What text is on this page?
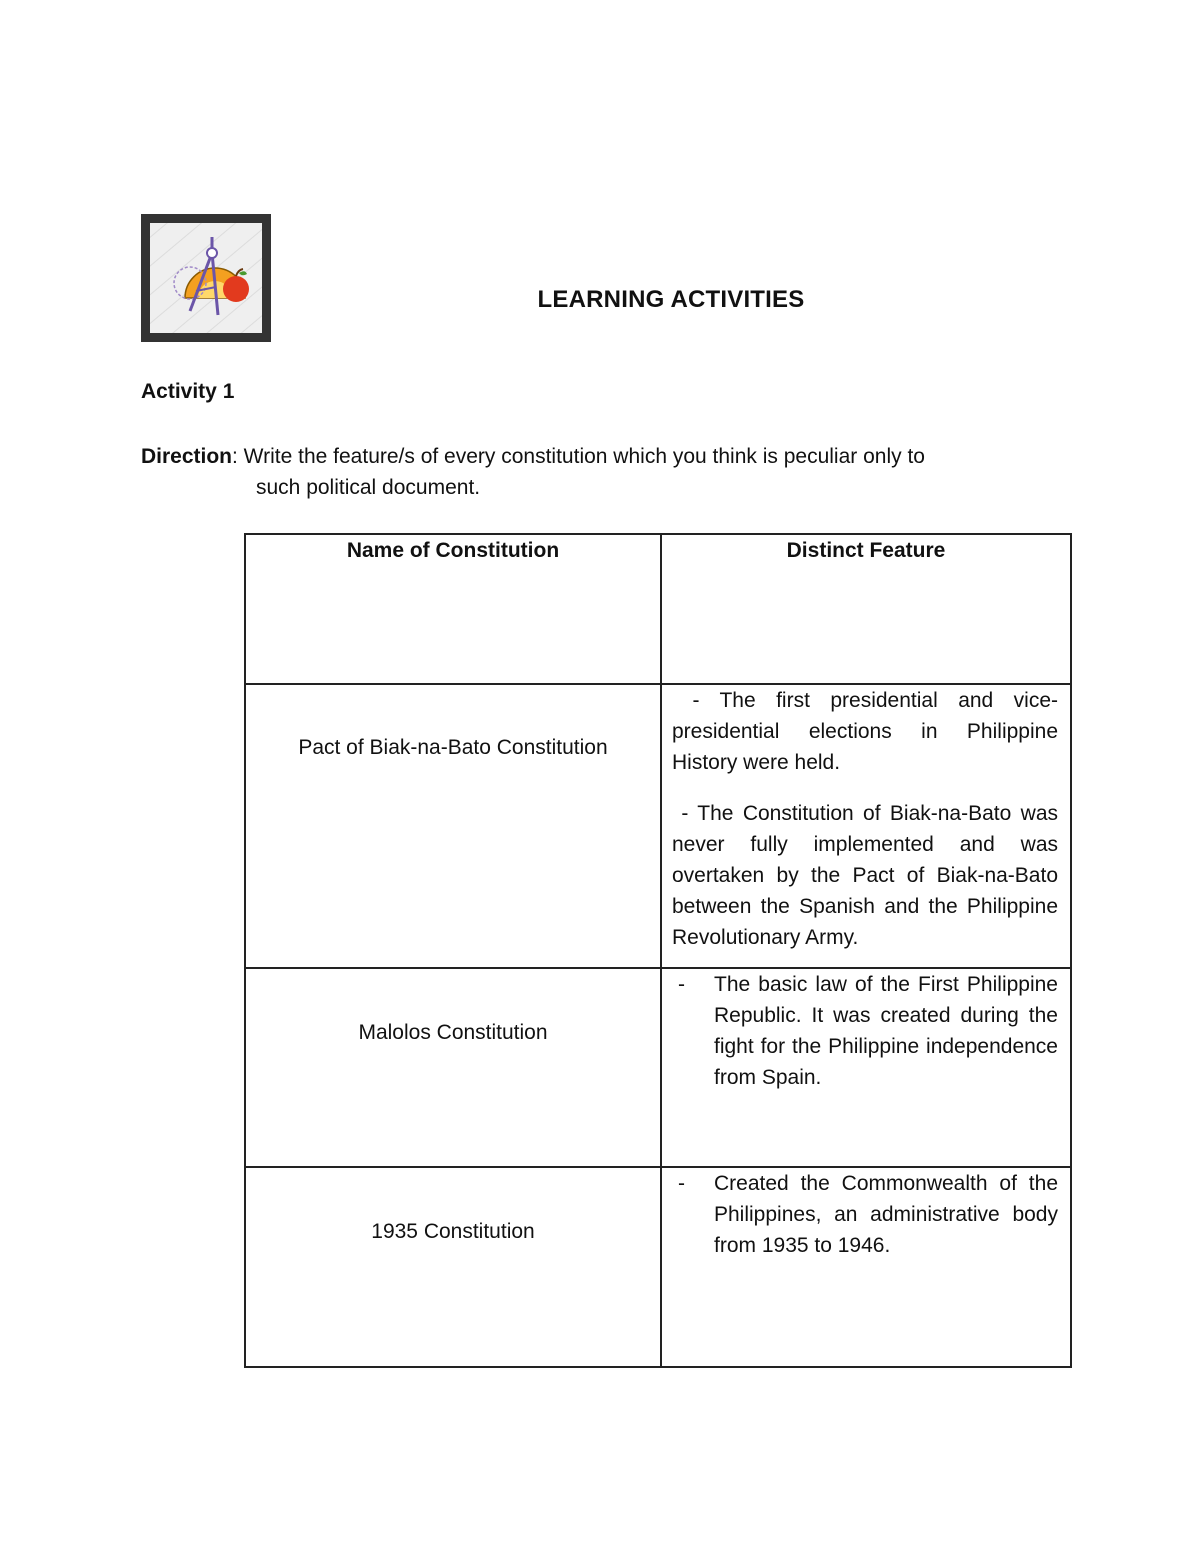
LEARNING ACTIVITIES
Activity 1
Direction: Write the feature/s of every constitution which you think is peculiar only to
such political document.
Name of Constitution	Distinct Feature

Pact of Biak-na-Bato Constitution	- The first presidential and vice-presidential elections in Philippine History were held.

- The Constitution of Biak-na-Bato was never fully implemented and was overtaken by the Pact of Biak-na-Bato between the Spanish and the Philippine Revolutionary Army.

Malolos Constitution	- The basic law of the First Philippine Republic. It was created during the fight for the Philippine independence from Spain.

1935 Constitution	- Created the Commonwealth of the Philippines, an administrative body from 1935 to 1946.
